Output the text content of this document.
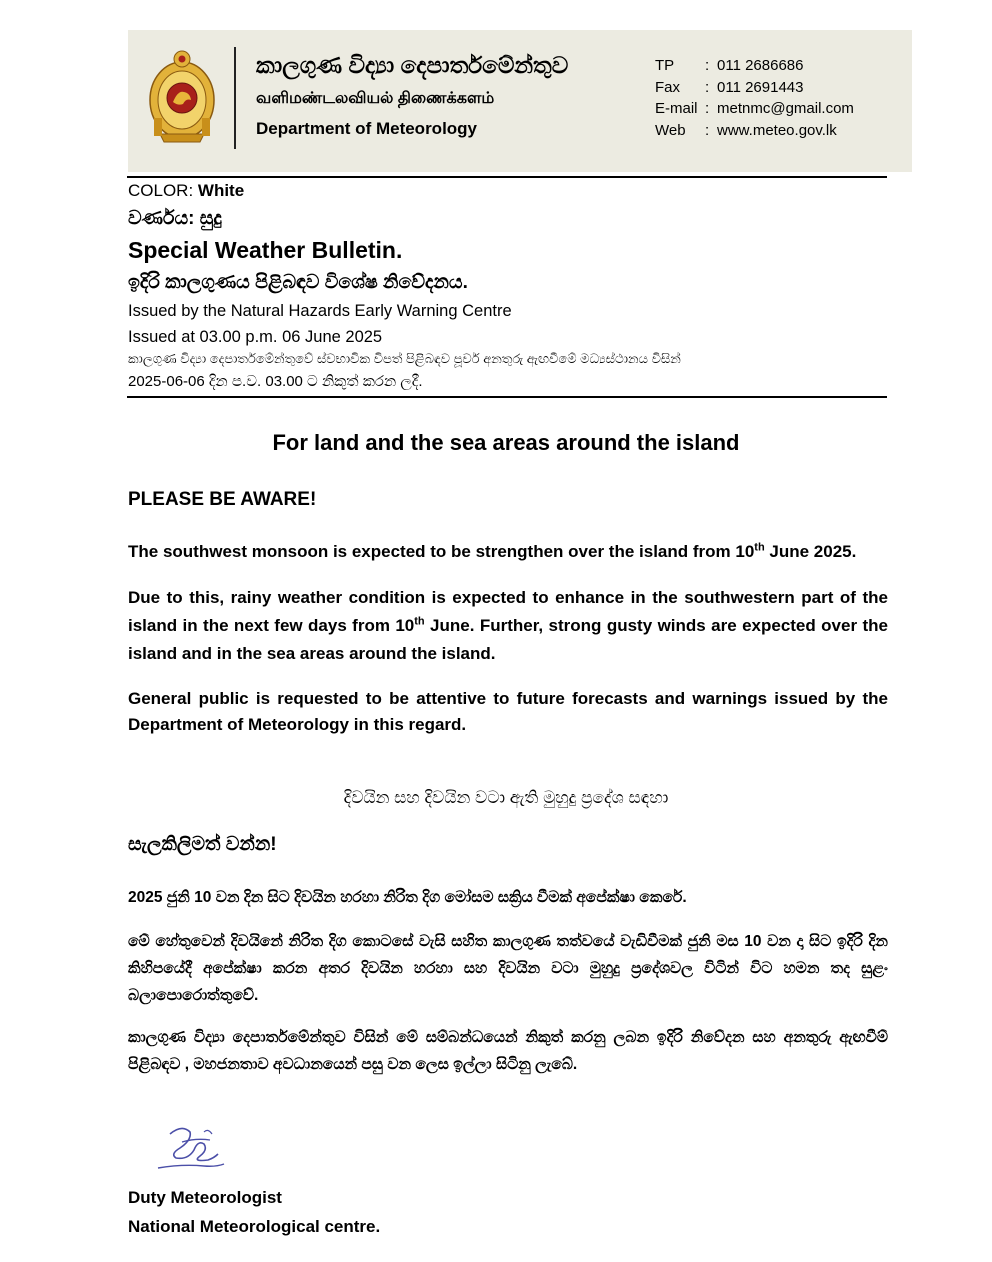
කාලගුණ විද්‍යා දෙපාර්තමේන්තුව
வளிமண்டலவியல் திணைக்களம்
Department of Meteorology
TP	: 011 2686686
Fax	: 011 2691443
E-mail : metnmc@gmail.com
Web	: www.meteo.gov.lk
COLOR: White
වර්ණය: සුදු
Special Weather Bulletin.
ඉදිරි කාලගුණය පිළිබඳව විශේෂ නිවේදනය.
Issued by the Natural Hazards Early Warning Centre
Issued at 03.00 p.m. 06 June 2025
කාලගුණ විද්‍යා දෙපාර්තමේන්තුවේ ස්වභාවික විපත් පිළිබඳව පූර්ව අනතුරු ඇඟවීමේ මධ්‍යස්ථානය විසින්
2025-06-06 දින ප.ව. 03.00 ට නිකුත් කරන ලදී.
For land and the sea areas around the island
PLEASE BE AWARE!
The southwest monsoon is expected to be strengthen over the island from 10th June 2025.
Due to this, rainy weather condition is expected to enhance in the southwestern part of the island in the next few days from 10th June. Further, strong gusty winds are expected over the island and in the sea areas around the island.
General public is requested to be attentive to future forecasts and warnings issued by the Department of Meteorology in this regard.
දිවයින සහ දිවයින වටා ඇති මුහුදු ප්‍රදේශ සඳහා
සැලකිලිමත් වන්න!
2025 ජුනි 10 වන දින සිට දිවයින හරහා නිරිත දිග මෝසම සක්‍රිය වීමක් අපේක්ෂා කෙරේ.
මේ හේතුවෙන් දිවයිනේ නිරිත දිග කොටසේ වැසි සහිත කාලගුණ තත්වයේ වැඩිවීමක් ජුනි මස 10 වන දා සිට ඉදිරි දින කිහිපයේදී අපේක්ෂා කරන අතර දිවයින හරහා සහ දිවයින වටා මුහුදු ප්‍රදේශවල විටින් විට හමන තද සුළං බලාපොරොත්තුවේ.
කාලගුණ විද්‍යා දෙපාර්තමේන්තුව විසින් මේ සම්බන්ධයෙන් නිකුත් කරනු ලබන ඉදිරි නිවේදන සහ අනතුරු ඇඟවීම් පිළිබඳව , මහජනතාව අවධානයෙන් පසු වන ලෙස ඉල්ලා සිටිනු ලැබේ.
Duty Meteorologist
National Meteorological centre.
